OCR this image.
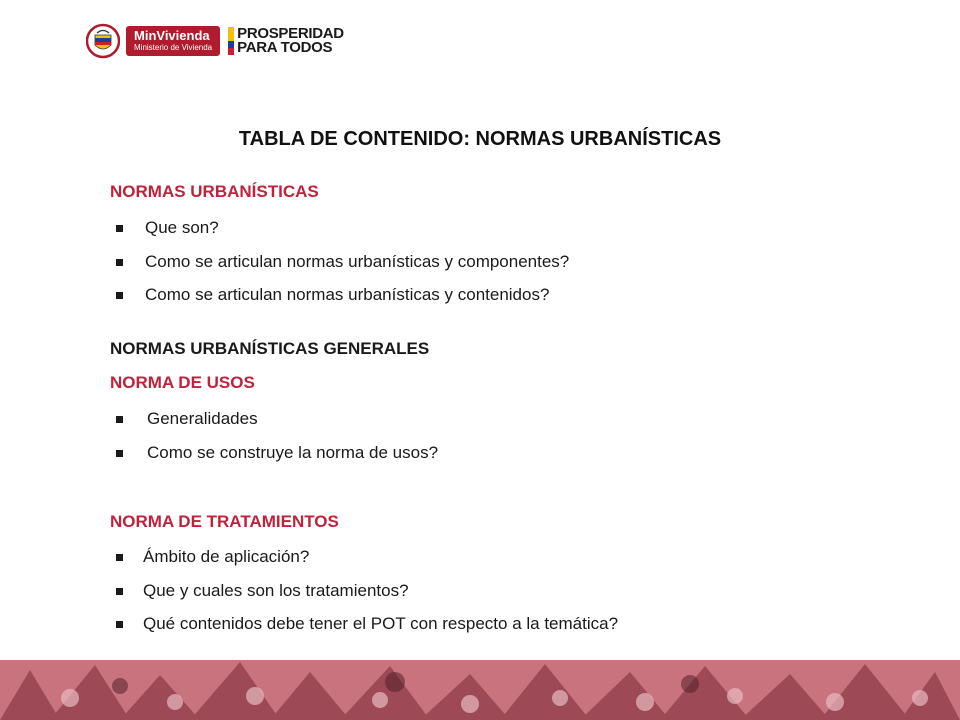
MinVivienda
Ministerio de Vivienda
PROSPERIDAD
PARA TODOS
TABLA DE CONTENIDO: NORMAS URBANÍSTICAS
NORMAS URBANÍSTICAS
Que son?
Como se articulan normas urbanísticas y componentes?
Como se articulan normas urbanísticas y contenidos?
NORMAS URBANÍSTICAS GENERALES
NORMA DE USOS
Generalidades
Como se construye la norma de usos?
NORMA DE TRATAMIENTOS
Ámbito de aplicación?
Que y cuales son los tratamientos?
Qué contenidos debe tener el POT con respecto a la temática?
